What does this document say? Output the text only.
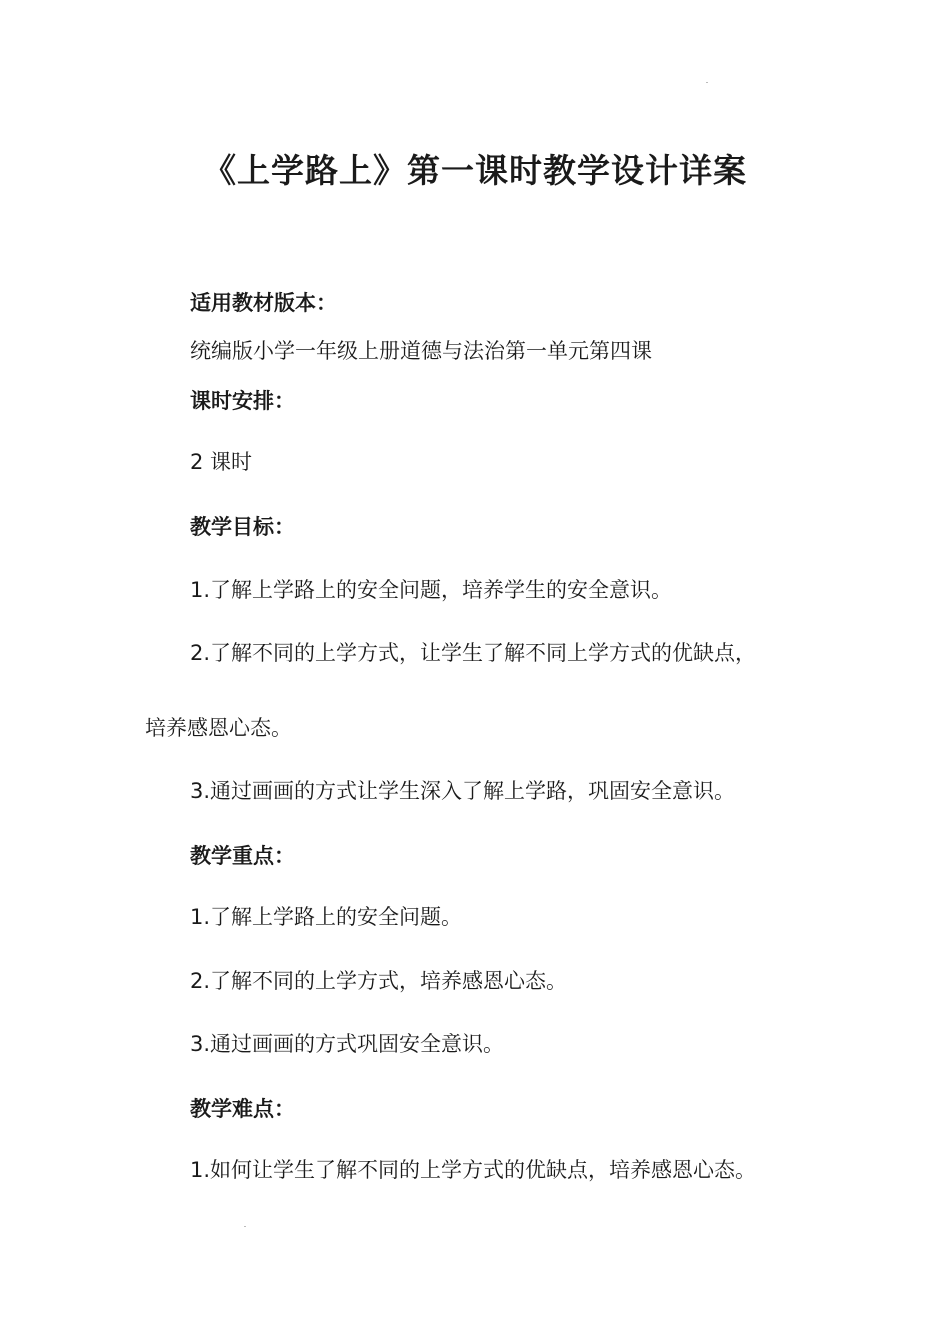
《上学路上》第一课时教学设计详案

适用教材版本：

统编版小学一年级上册道德与法治第一单元第四课

课时安排：

2 课时

教学目标：

1.了解上学路上的安全问题，培养学生的安全意识。

2.了解不同的上学方式，让学生了解不同上学方式的优缺点，

培养感恩心态。

3.通过画画的方式让学生深入了解上学路，巩固安全意识。

教学重点：

1.了解上学路上的安全问题。

2.了解不同的上学方式，培养感恩心态。

3.通过画画的方式巩固安全意识。

教学难点：

1.如何让学生了解不同的上学方式的优缺点，培养感恩心态。
